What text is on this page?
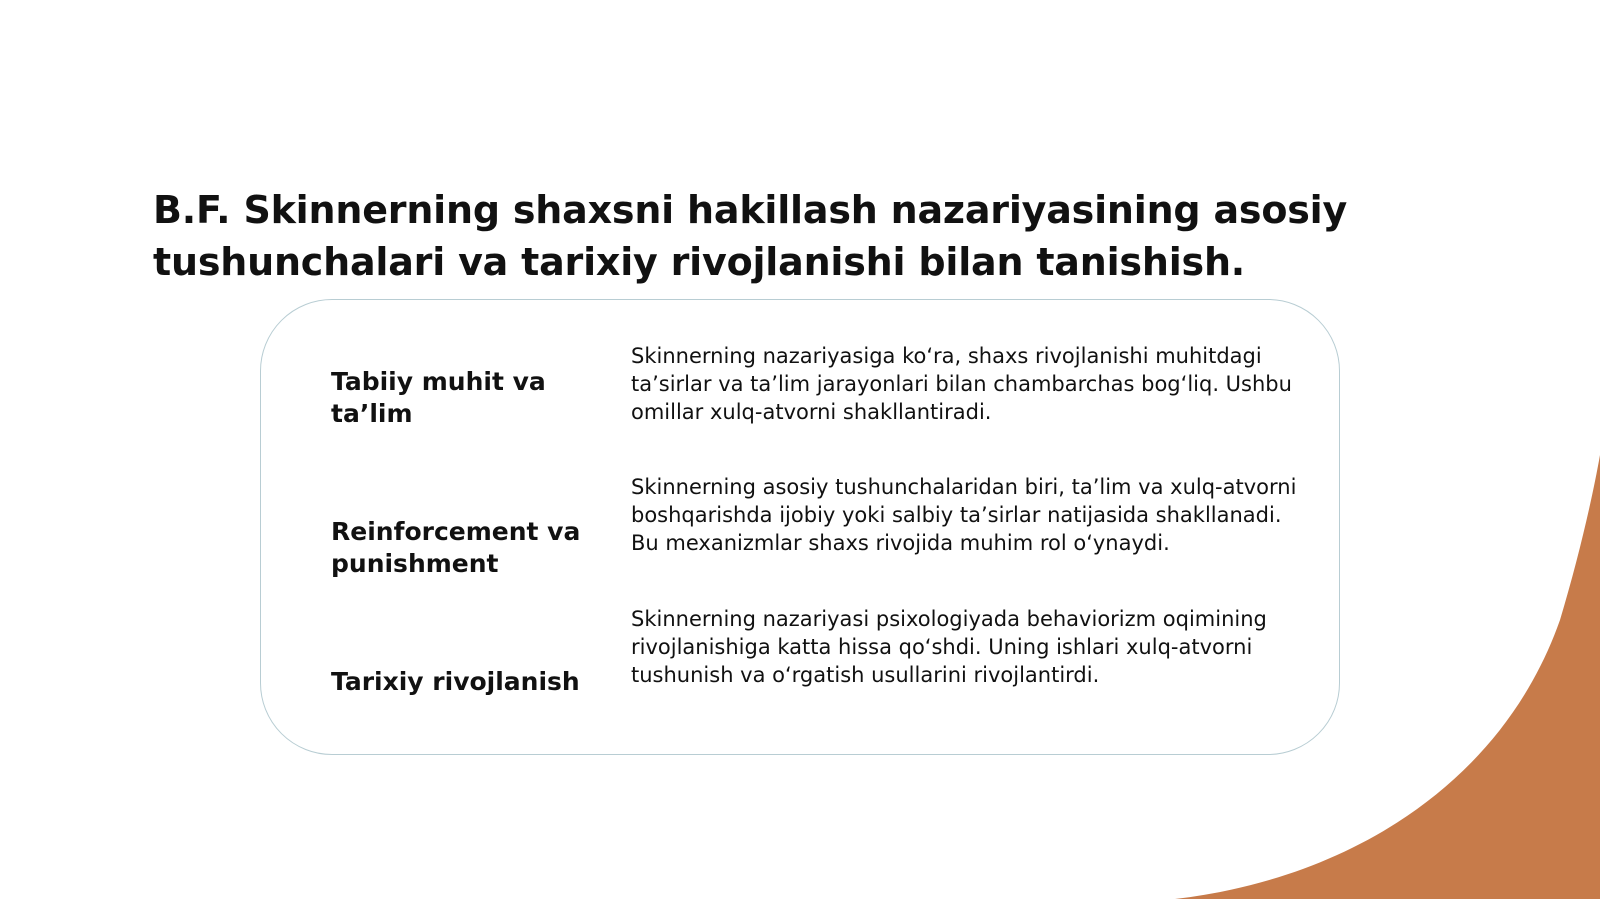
B.F. Skinnerning shaxsni hakillash nazariyasining asosiy tushunchalari va tarixiy rivojlanishi bilan tanishish.
Tabiiy muhit va ta’lim
Skinnerning nazariyasiga ko‘ra, shaxs rivojlanishi muhitdagi ta’sirlar va ta’lim jarayonlari bilan chambarchas bog‘liq. Ushbu omillar xulq-atvorni shakllantiradi.
Reinforcement va punishment
Skinnerning asosiy tushunchalaridan biri, ta’lim va xulq-atvorni boshqarishda ijobiy yoki salbiy ta’sirlar natijasida shakllanadi. Bu mexanizmlar shaxs rivojida muhim rol o‘ynaydi.
Tarixiy rivojlanish
Skinnerning nazariyasi psixologiyada behaviorizm oqimining rivojlanishiga katta hissa qo‘shdi. Uning ishlari xulq-atvorni tushunish va o‘rgatish usullarini rivojlantirdi.
